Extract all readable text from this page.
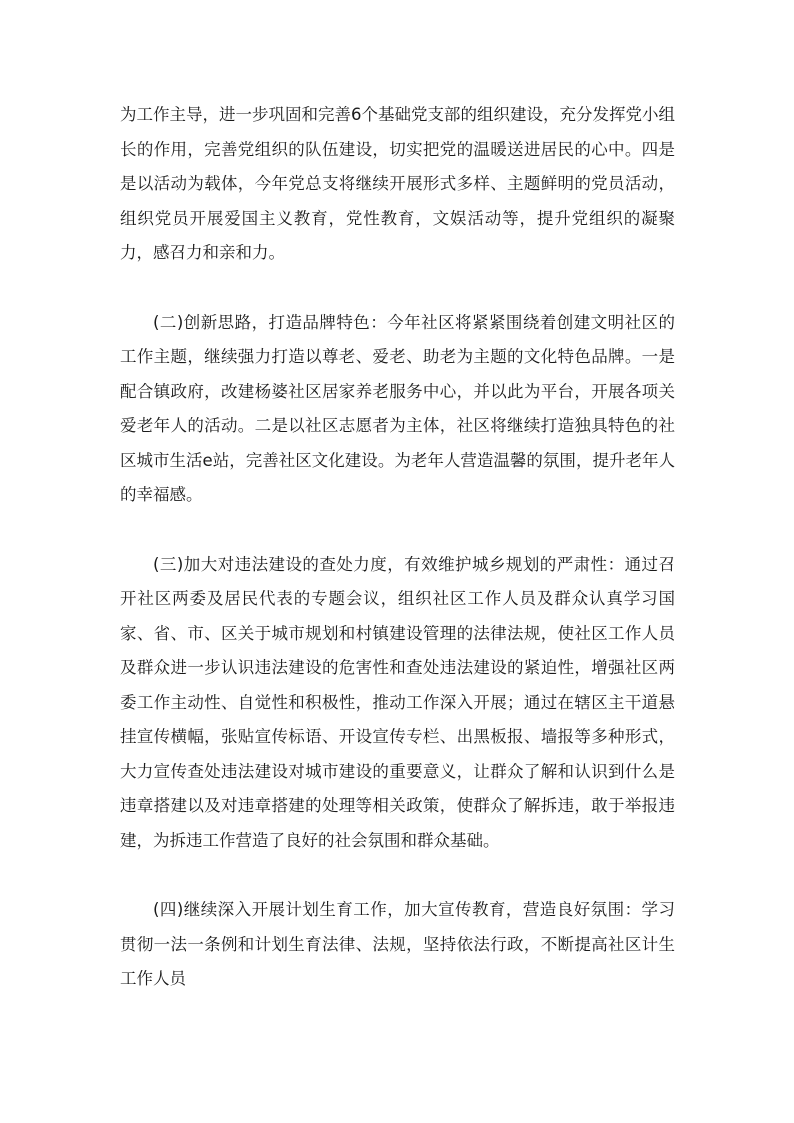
为工作主导，进一步巩固和完善6个基础党支部的组织建设，充分发挥党小组长的作用，完善党组织的队伍建设，切实把党的温暖送进居民的心中。四是是以活动为载体，今年党总支将继续开展形式多样、主题鲜明的党员活动，组织党员开展爱国主义教育，党性教育，文娱活动等，提升党组织的凝聚力，感召力和亲和力。

(二)创新思路，打造品牌特色：今年社区将紧紧围绕着创建文明社区的工作主题，继续强力打造以尊老、爱老、助老为主题的文化特色品牌。一是配合镇政府，改建杨婆社区居家养老服务中心，并以此为平台，开展各项关爱老年人的活动。二是以社区志愿者为主体，社区将继续打造独具特色的社区城市生活e站，完善社区文化建设。为老年人营造温馨的氛围，提升老年人的幸福感。

(三)加大对违法建设的查处力度，有效维护城乡规划的严肃性：通过召开社区两委及居民代表的专题会议，组织社区工作人员及群众认真学习国家、省、市、区关于城市规划和村镇建设管理的法律法规，使社区工作人员及群众进一步认识违法建设的危害性和查处违法建设的紧迫性，增强社区两委工作主动性、自觉性和积极性，推动工作深入开展；通过在辖区主干道悬挂宣传横幅，张贴宣传标语、开设宣传专栏、出黑板报、墙报等多种形式，大力宣传查处违法建设对城市建设的重要意义，让群众了解和认识到什么是违章搭建以及对违章搭建的处理等相关政策，使群众了解拆违，敢于举报违建，为拆违工作营造了良好的社会氛围和群众基础。

(四)继续深入开展计划生育工作，加大宣传教育，营造良好氛围：学习贯彻一法一条例和计划生育法律、法规，坚持依法行政，不断提高社区计生工作人员
